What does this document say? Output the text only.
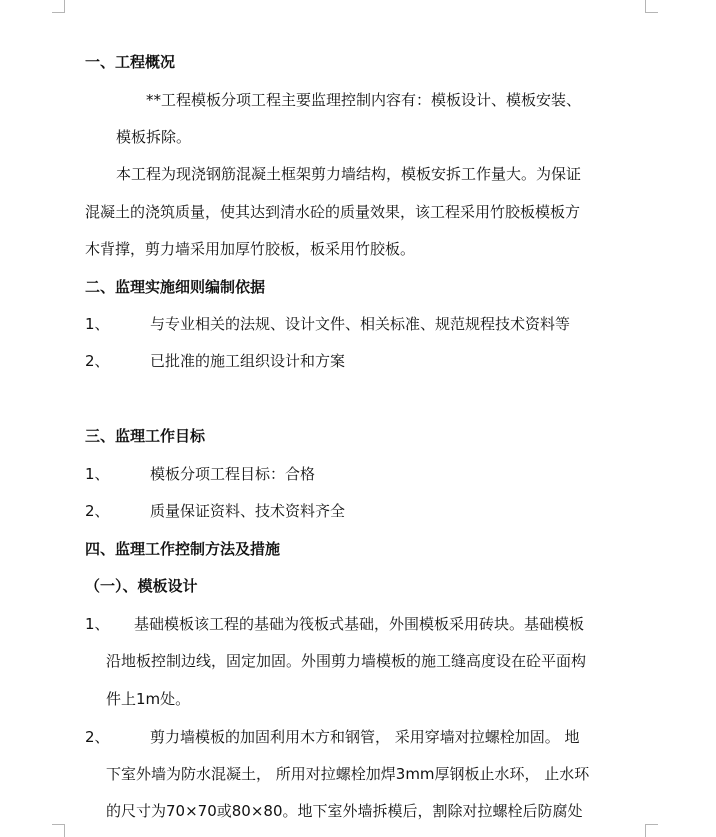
一、工程概况
**工程模板分项工程主要监理控制内容有：模板设计、模板安装、
模板拆除。
本工程为现浇钢筋混凝土框架剪力墙结构，模板安拆工作量大。为保证
混凝土的浇筑质量，使其达到清水砼的质量效果，该工程采用竹胶板模板方
木背撑，剪力墙采用加厚竹胶板，板采用竹胶板。
二、监理实施细则编制依据
1、	与专业相关的法规、设计文件、相关标准、规范规程技术资料等
2、	已批准的施工组织设计和方案
三、监理工作目标
1、	模板分项工程目标：合格
2、	质量保证资料、技术资料齐全
四、监理工作控制方法及措施
（一）、模板设计
1、 基础模板该工程的基础为筏板式基础，外围模板采用砖块。基础模板
沿地板控制边线，固定加固。外围剪力墙模板的施工缝高度设在砼平面构
件上1m处。
2、	剪力墙模板的加固利用木方和钢管， 采用穿墙对拉螺栓加固。 地
下室外墙为防水混凝土， 所用对拉螺栓加焊3mm厚钢板止水环， 止水环
的尺寸为70×70或80×80。地下室外墙拆模后，割除对拉螺栓后防腐处
